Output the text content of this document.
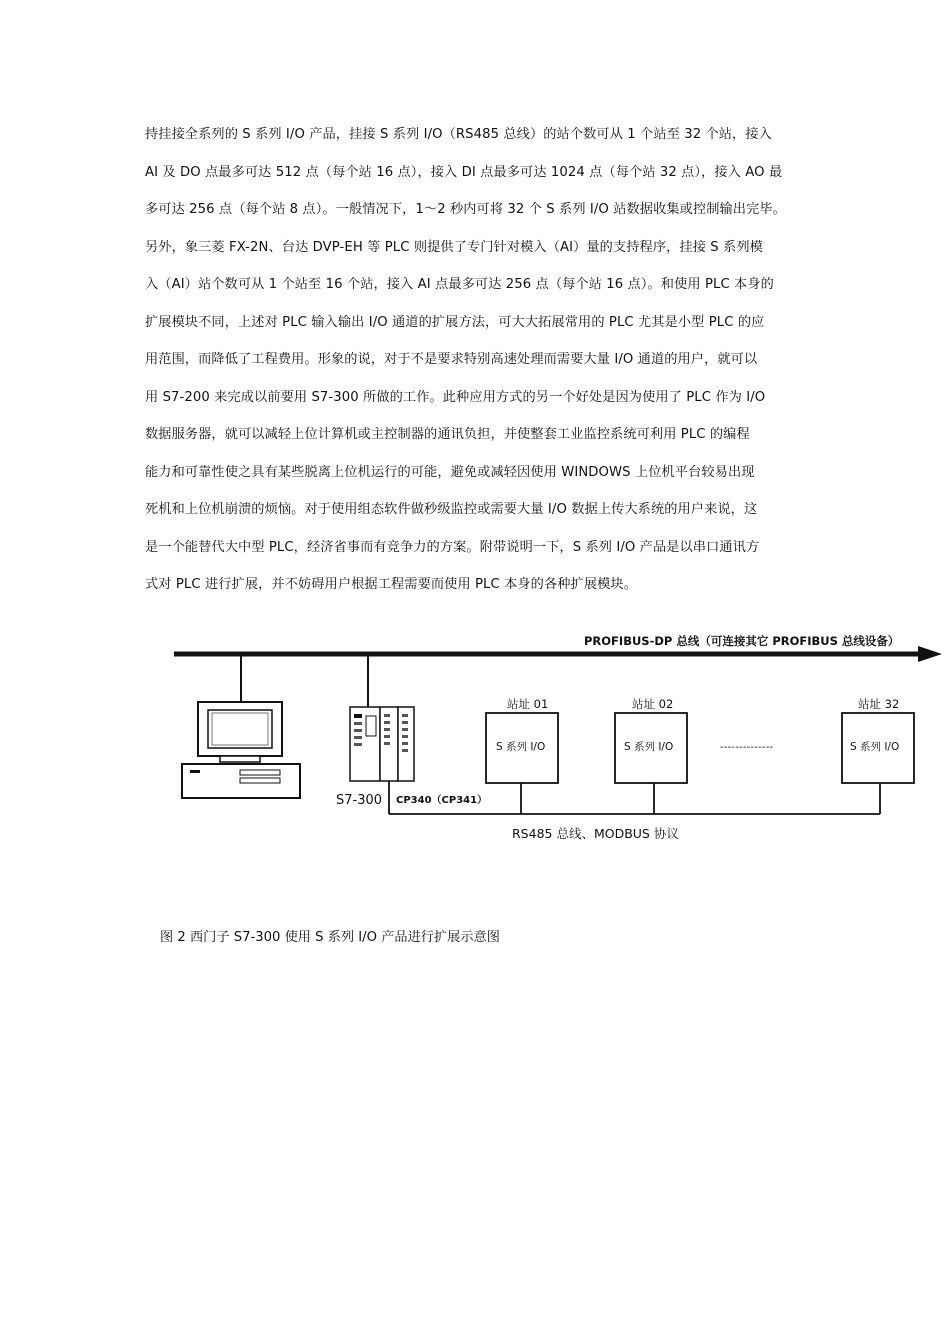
持挂接全系列的 S 系列 I/O 产品，挂接 S 系列 I/O（RS485 总线）的站个数可从 1 个站至 32 个站，接入
AI 及 DO 点最多可达 512 点（每个站 16 点），接入 DI 点最多可达 1024 点（每个站 32 点），接入 AO 最
多可达 256 点（每个站 8 点）。一般情况下，1～2 秒内可将 32 个 S 系列 I/O 站数据收集或控制输出完毕。
另外，象三菱 FX-2N、台达 DVP-EH 等 PLC 则提供了专门针对模入（AI）量的支持程序，挂接 S 系列模
入（AI）站个数可从 1 个站至 16 个站，接入 AI 点最多可达 256 点（每个站 16 点）。和使用 PLC 本身的
扩展模块不同，上述对 PLC 输入输出 I/O 通道的扩展方法，可大大拓展常用的 PLC 尤其是小型 PLC 的应
用范围，而降低了工程费用。形象的说，对于不是要求特别高速处理而需要大量 I/O 通道的用户，就可以
用 S7-200 来完成以前要用 S7-300 所做的工作。此种应用方式的另一个好处是因为使用了 PLC 作为 I/O
数据服务器，就可以减轻上位计算机或主控制器的通讯负担，并使整套工业监控系统可利用 PLC 的编程
能力和可靠性使之具有某些脱离上位机运行的可能，避免或减轻因使用 WINDOWS 上位机平台较易出现
死机和上位机崩溃的烦恼。对于使用组态软件做秒级监控或需要大量 I/O 数据上传大系统的用户来说，这
是一个能替代大中型 PLC，经济省事而有竞争力的方案。附带说明一下，S 系列 I/O 产品是以串口通讯方
式对 PLC 进行扩展，并不妨碍用户根据工程需要而使用 PLC 本身的各种扩展模块。
PROFIBUS-DP 总线（可连接其它 PROFIBUS 总线设备）
S7-300 CP340（CP341）
RS485 总线、MODBUS 协议
站址 01
S 系列 I/O
站址 02
S 系列 I/O	--------------
站址 32
S 系列 I/O
图 2 西门子 S7-300 使用 S 系列 I/O 产品进行扩展示意图
